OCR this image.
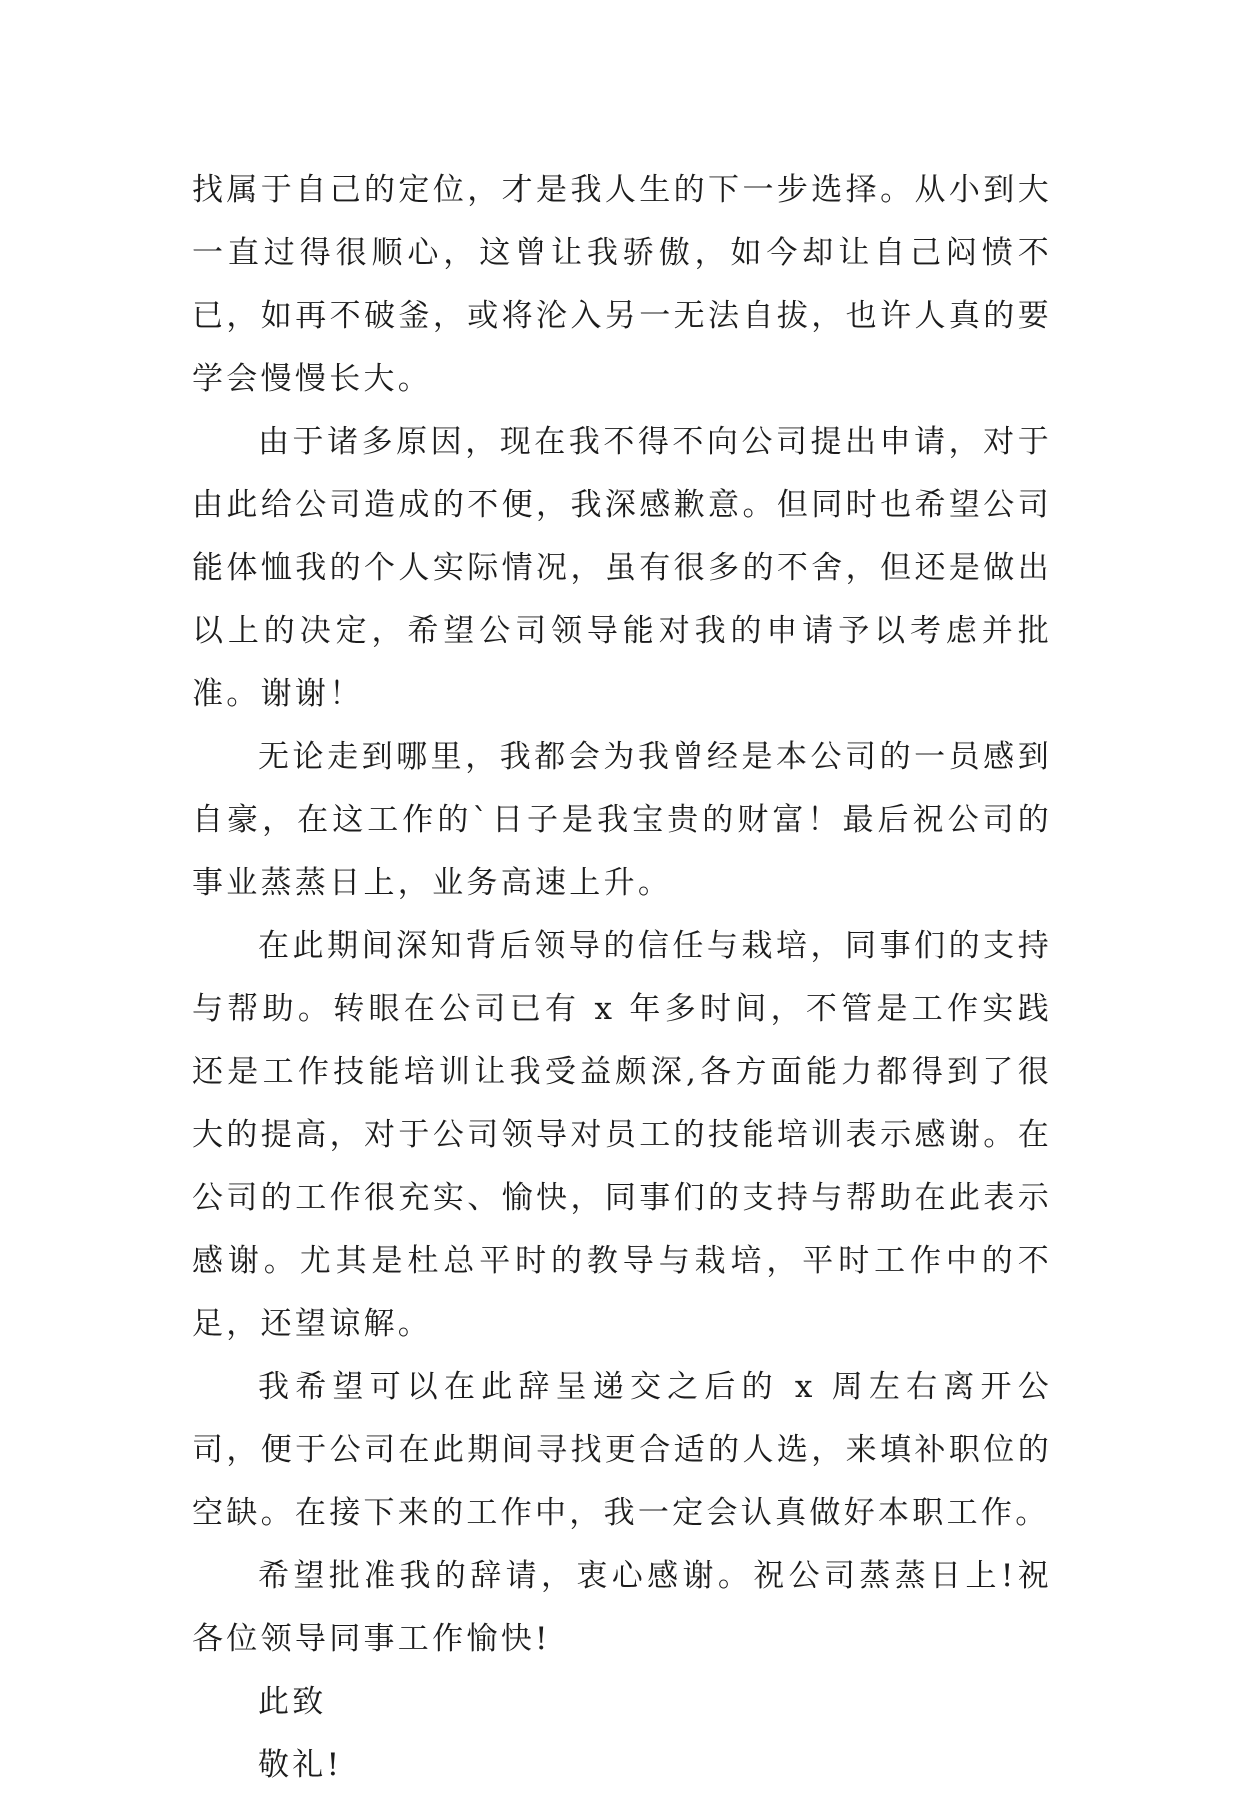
找属于自己的定位，才是我人生的下一步选择。从小到大一直过得很顺心，这曾让我骄傲，如今却让自己闷愤不已，如再不破釜，或将沦入另一无法自拔，也许人真的要学会慢慢长大。

由于诸多原因，现在我不得不向公司提出申请，对于由此给公司造成的不便，我深感歉意。但同时也希望公司能体恤我的个人实际情况，虽有很多的不舍，但还是做出以上的决定，希望公司领导能对我的申请予以考虑并批准。谢谢！

无论走到哪里，我都会为我曾经是本公司的一员感到自豪，在这工作的`日子是我宝贵的财富！最后祝公司的事业蒸蒸日上，业务高速上升。

在此期间深知背后领导的信任与栽培，同事们的支持与帮助。转眼在公司已有 x 年多时间，不管是工作实践还是工作技能培训让我受益颇深,各方面能力都得到了很大的提高，对于公司领导对员工的技能培训表示感谢。在公司的工作很充实、愉快，同事们的支持与帮助在此表示感谢。尤其是杜总平时的教导与栽培，平时工作中的不足，还望谅解。

我希望可以在此辞呈递交之后的 x 周左右离开公司，便于公司在此期间寻找更合适的人选，来填补职位的空缺。在接下来的工作中，我一定会认真做好本职工作。

希望批准我的辞请，衷心感谢。祝公司蒸蒸日上!祝各位领导同事工作愉快!

此致

敬礼!
